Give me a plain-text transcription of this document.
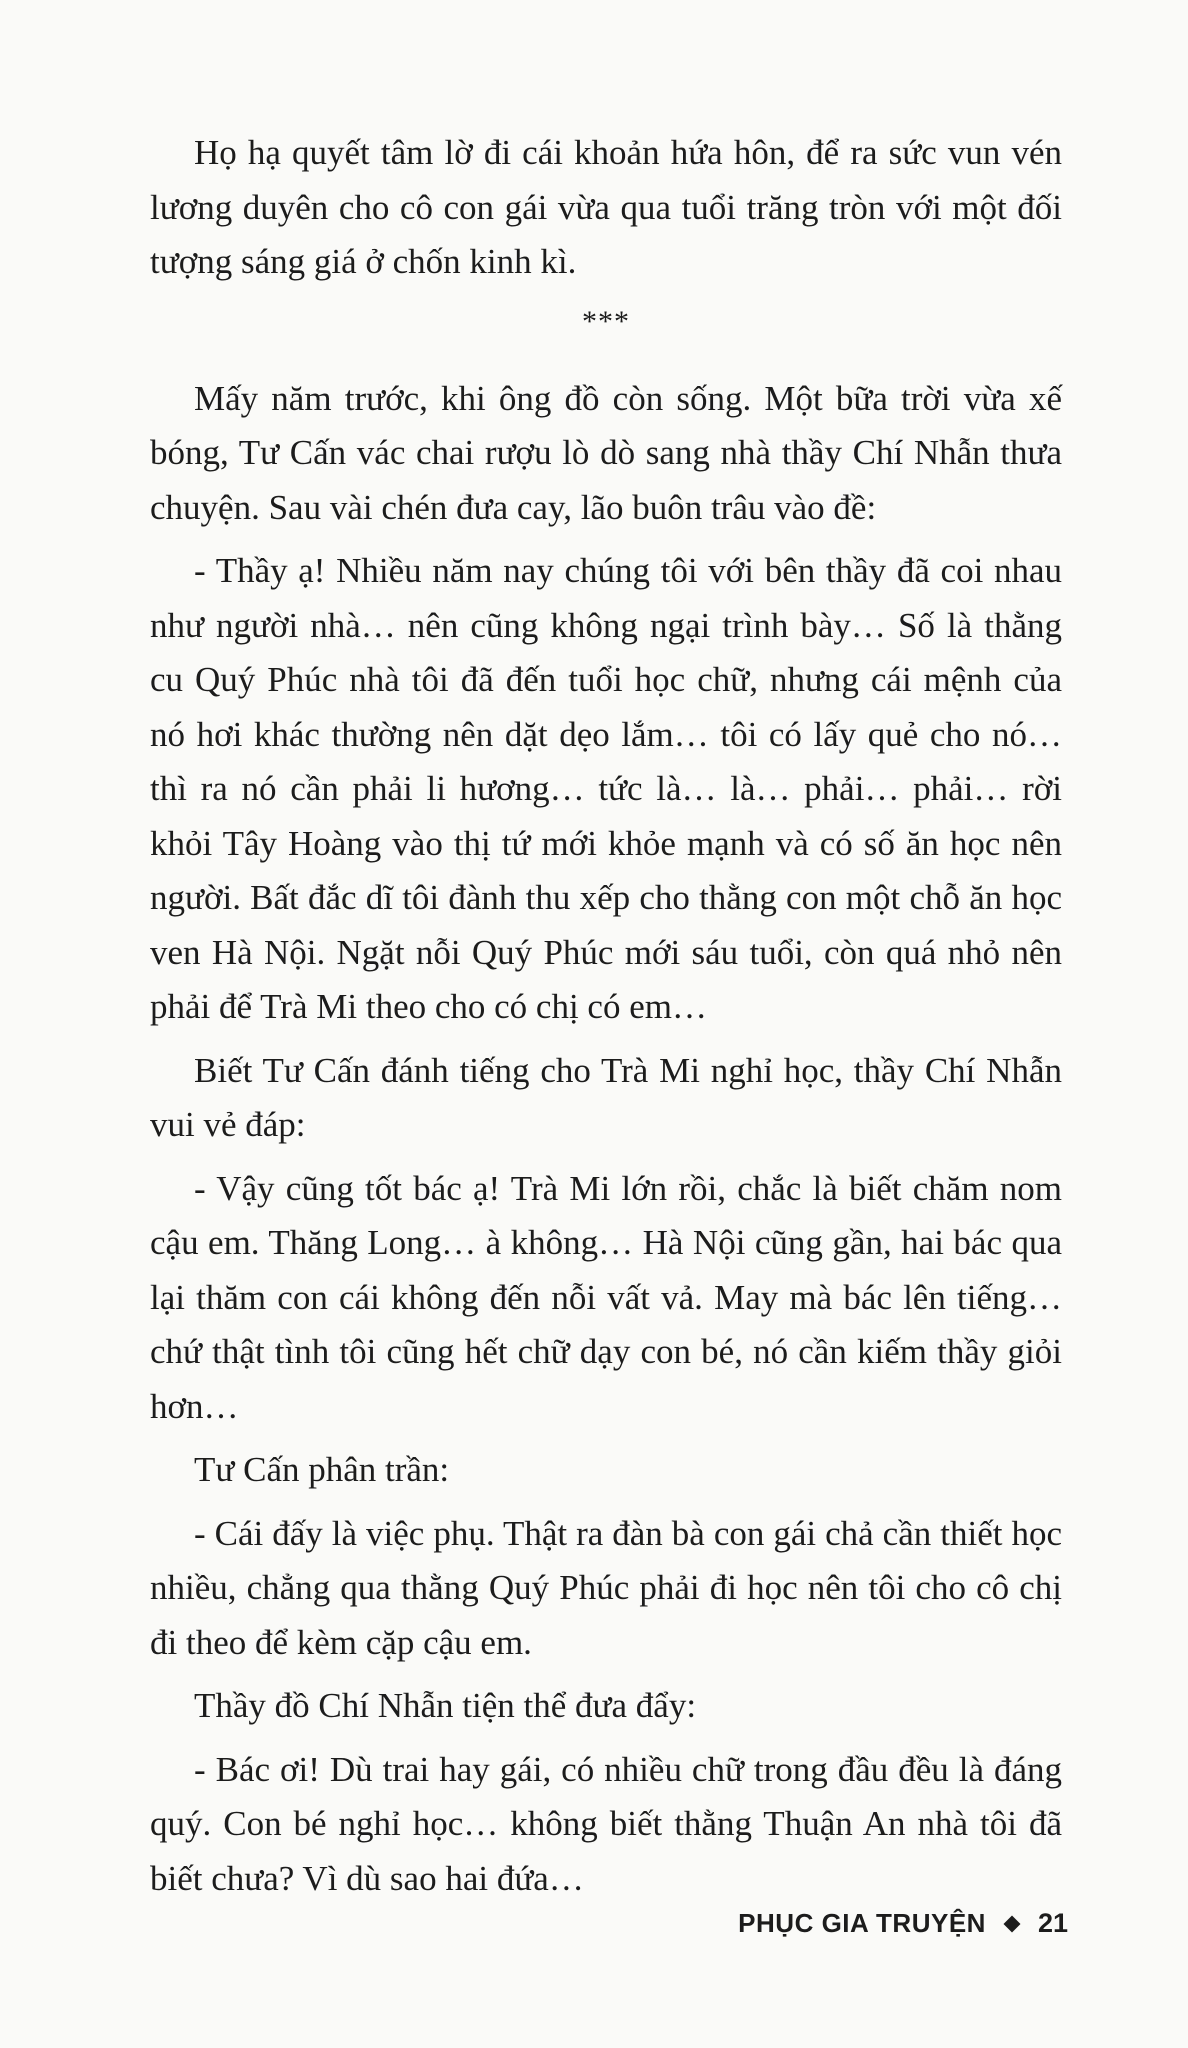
Họ hạ quyết tâm lờ đi cái khoản hứa hôn, để ra sức vun vén lương duyên cho cô con gái vừa qua tuổi trăng tròn với một đối tượng sáng giá ở chốn kinh kì.

***

Mấy năm trước, khi ông đồ còn sống. Một bữa trời vừa xế bóng, Tư Cấn vác chai rượu lò dò sang nhà thầy Chí Nhẫn thưa chuyện. Sau vài chén đưa cay, lão buôn trâu vào đề:

- Thầy ạ! Nhiều năm nay chúng tôi với bên thầy đã coi nhau như người nhà… nên cũng không ngại trình bày… Số là thằng cu Quý Phúc nhà tôi đã đến tuổi học chữ, nhưng cái mệnh của nó hơi khác thường nên dặt dẹo lắm… tôi có lấy quẻ cho nó… thì ra nó cần phải li hương… tức là… là… phải… phải… rời khỏi Tây Hoàng vào thị tứ mới khỏe mạnh và có số ăn học nên người. Bất đắc dĩ tôi đành thu xếp cho thằng con một chỗ ăn học ven Hà Nội. Ngặt nỗi Quý Phúc mới sáu tuổi, còn quá nhỏ nên phải để Trà Mi theo cho có chị có em…

Biết Tư Cấn đánh tiếng cho Trà Mi nghỉ học, thầy Chí Nhẫn vui vẻ đáp:

- Vậy cũng tốt bác ạ! Trà Mi lớn rồi, chắc là biết chăm nom cậu em. Thăng Long… à không… Hà Nội cũng gần, hai bác qua lại thăm con cái không đến nỗi vất vả. May mà bác lên tiếng… chứ thật tình tôi cũng hết chữ dạy con bé, nó cần kiếm thầy giỏi hơn…

Tư Cấn phân trần:

- Cái đấy là việc phụ. Thật ra đàn bà con gái chả cần thiết học nhiều, chẳng qua thằng Quý Phúc phải đi học nên tôi cho cô chị đi theo để kèm cặp cậu em.

Thầy đồ Chí Nhẫn tiện thể đưa đẩy:

- Bác ơi! Dù trai hay gái, có nhiều chữ trong đầu đều là đáng quý. Con bé nghỉ học… không biết thằng Thuận An nhà tôi đã biết chưa? Vì dù sao hai đứa…

PHỤC GIA TRUYỆN 21
